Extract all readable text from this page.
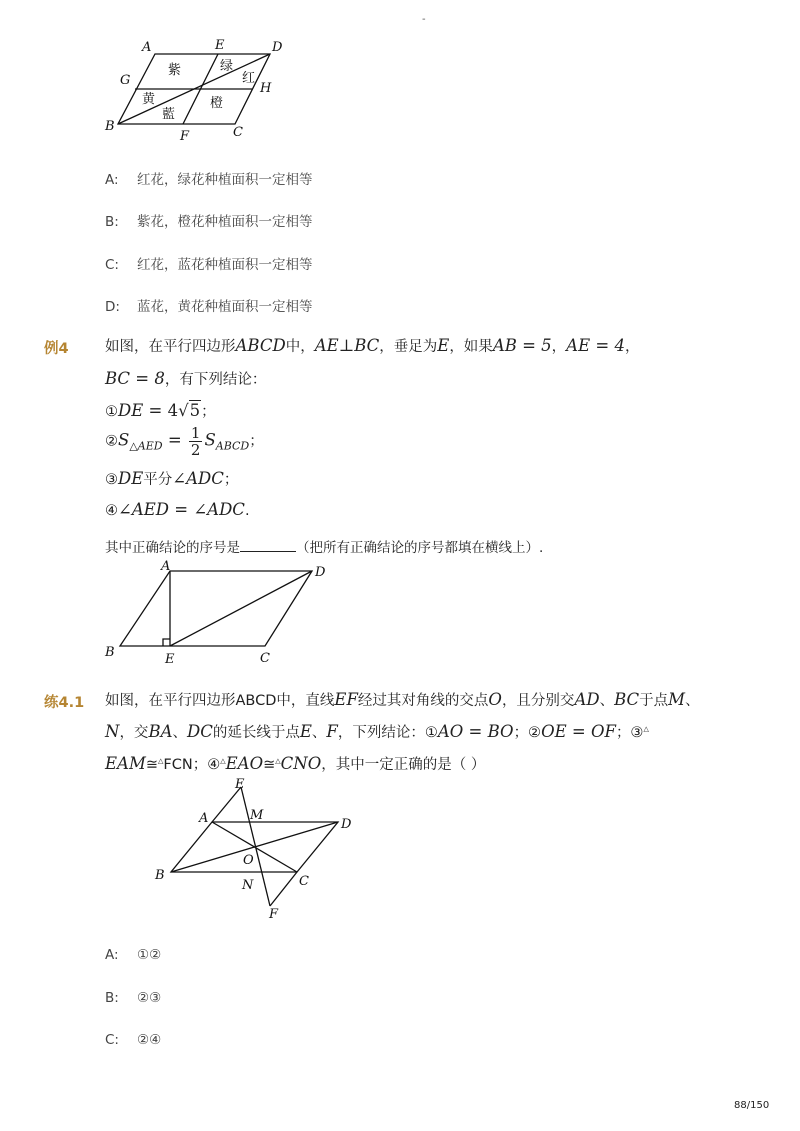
-
A	E	D
G
H
B
F	C
紫	绿
红
黄	橙
藍
A: 红花，绿花种植面积一定相等
B: 紫花，橙花种植面积一定相等
C: 红花，蓝花种植面积一定相等
D: 蓝花，黄花种植面积一定相等
例4	如图，在平行四边形ABCD中，AE⊥BC，垂足为E，如果AB = 5，AE = 4，
BC = 8，有下列结论：
①DE = 4√5；
$②S_{\triangle AED} = \frac{1}{2} S_{ABCD}$；
③DE平分∠ADC；
④∠AED = ∠ADC.
其中正确结论的序号是	（把所有正确结论的序号都填在横线上）.
A	D
B	E	C
练4.1 如图，在平行四边形ABCD中，直线EF经过其对角线的交点O，且分别交AD、BC于点M、
N，交BA、DC的延长线于点E、F，下列结论：①AO = BO；②OE = OF；③△
EAM≅△FCN；④△EAO≅△CNO，其中一定正确的是（ ）
E
A	M
D
O
B
N	C
F
A: ①②
B: ②③
C: ②④
88/150
